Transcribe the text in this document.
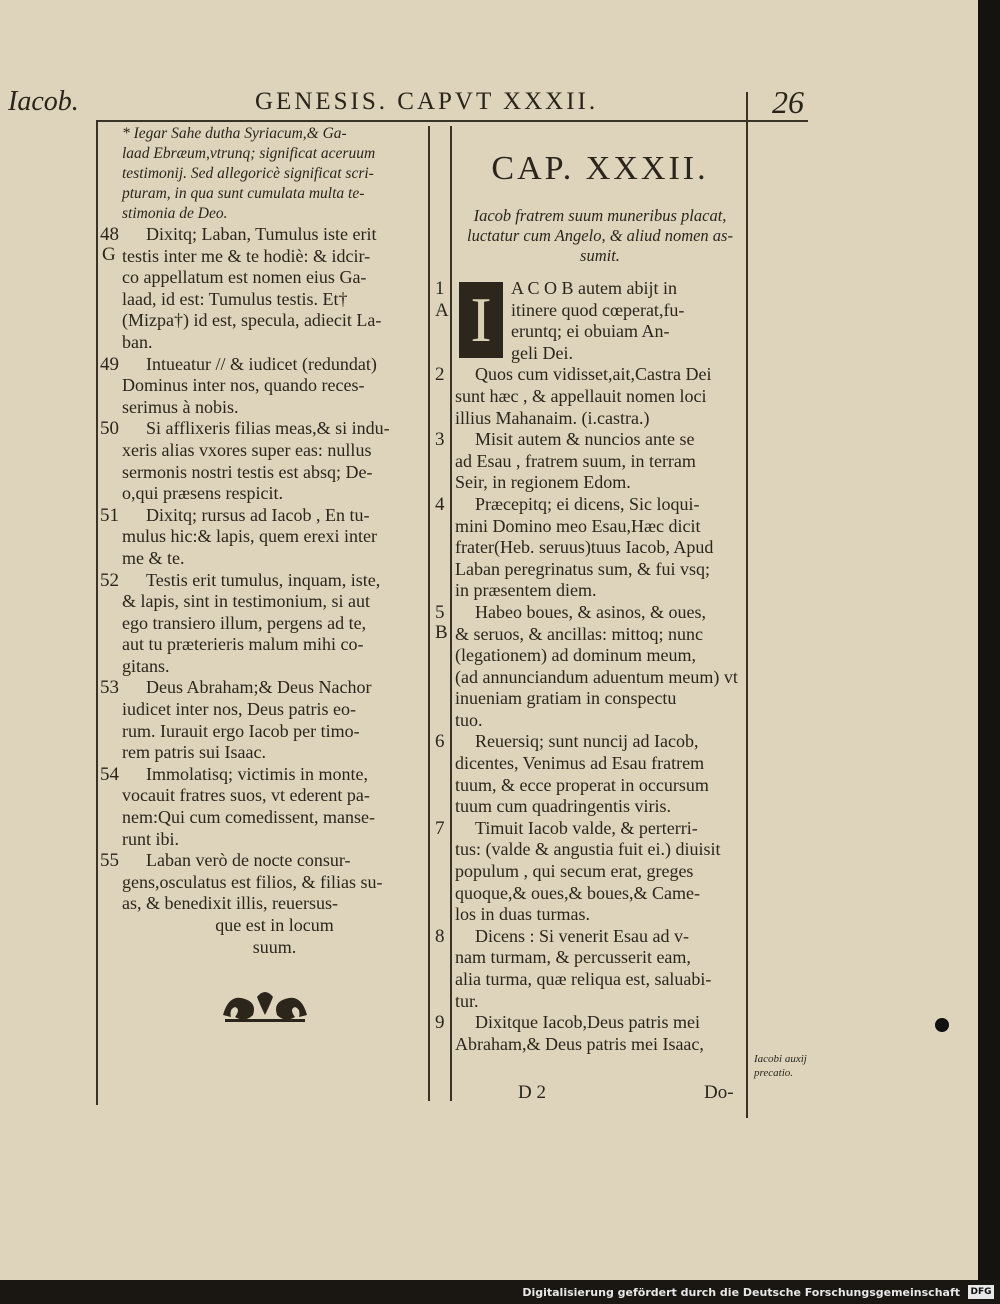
Iacob.	GENESIS. CAPVT XXXII.	26
* Iegar Sahe dutha Syriacum,& Ga-
laad Ebræum,vtrunq; significat aceruum
testimonij. Sed allegoricè significat scri-
pturam, in qua sunt cumulata multa te-
stimonia de Deo.
48
G
Dixitq; Laban, Tumulus iste erit
testis inter me & te hodiè: & idcir-
co appellatum est nomen eius Ga-
laad, id est: Tumulus testis. Et†
(Mizpa†) id est, specula, adiecit La-
ban.
49	Intueatur // & iudicet (redundat)
Dominus inter nos, quando reces-
serimus à nobis.
50	Si afflixeris filias meas,& si indu-
xeris alias vxores super eas: nullus
sermonis nostri testis est absq; De-
o,qui præsens respicit.
51	Dixitq; rursus ad Iacob , En tu-
mulus hic:& lapis, quem erexi inter
me & te.
52	Testis erit tumulus, inquam, iste,
& lapis, sint in testimonium, si aut
ego transiero illum, pergens ad te,
aut tu præterieris malum mihi co-
gitans.
53	Deus Abraham;& Deus Nachor
iudicet inter nos, Deus patris eo-
rum. Iurauit ergo Iacob per timo-
rem patris sui Isaac.
54	Immolatisq; victimis in monte,
vocauit fratres suos, vt ederent pa-
nem:Qui cum comedissent, manse-
runt ibi.
55	Laban verò de nocte consur-
gens,osculatus est filios, & filias su-
as, & benedixit illis, reuersus-
que est in locum
suum.
CAP. XXXII.
Iacob fratrem suum muneribus placat,
luctatur cum Angelo, & aliud nomen as-
sumit.
1
A I	A C O B autem abijt in
itinere quod cœperat,fu-
eruntq; ei obuiam An-
geli Dei.
2	Quos cum vidisset,ait,Castra Dei
sunt hæc , & appellauit nomen loci
illius Mahanaim. (i.castra.)
3	Misit autem & nuncios ante se
ad Esau , fratrem suum, in terram
Seir, in regionem Edom.
4	Præcepitq; ei dicens, Sic loqui-
mini Domino meo Esau,Hæc dicit
frater(Heb. seruus)tuus Iacob, Apud
Laban peregrinatus sum, & fui vsq;
in præsentem diem.
5
B
Habeo boues, & asinos, & oues,
& seruos, & ancillas: mittoq; nunc
(legationem) ad dominum meum,
(ad annunciandum aduentum meum) vt
inueniam gratiam in conspectu
tuo.
6	Reuersiq; sunt nuncij ad Iacob,
dicentes, Venimus ad Esau fratrem
tuum, & ecce properat in occursum
tuum cum quadringentis viris.
7	Timuit Iacob valde, & perterri-
tus: (valde & angustia fuit ei.) diuisit
populum , qui secum erat, greges
quoque,& oues,& boues,& Came-
los in duas turmas.
8	Dicens : Si venerit Esau ad v-
nam turmam, & percusserit eam,
alia turma, quæ reliqua est, saluabi-
tur.
9	Dixitque Iacob,Deus patris mei
Abraham,& Deus patris mei Isaac,
D 2	Do-
Iacobi auxij
precatio.
Digitalisierung gefördert durch die Deutsche Forschungsgemeinschaft DFG
